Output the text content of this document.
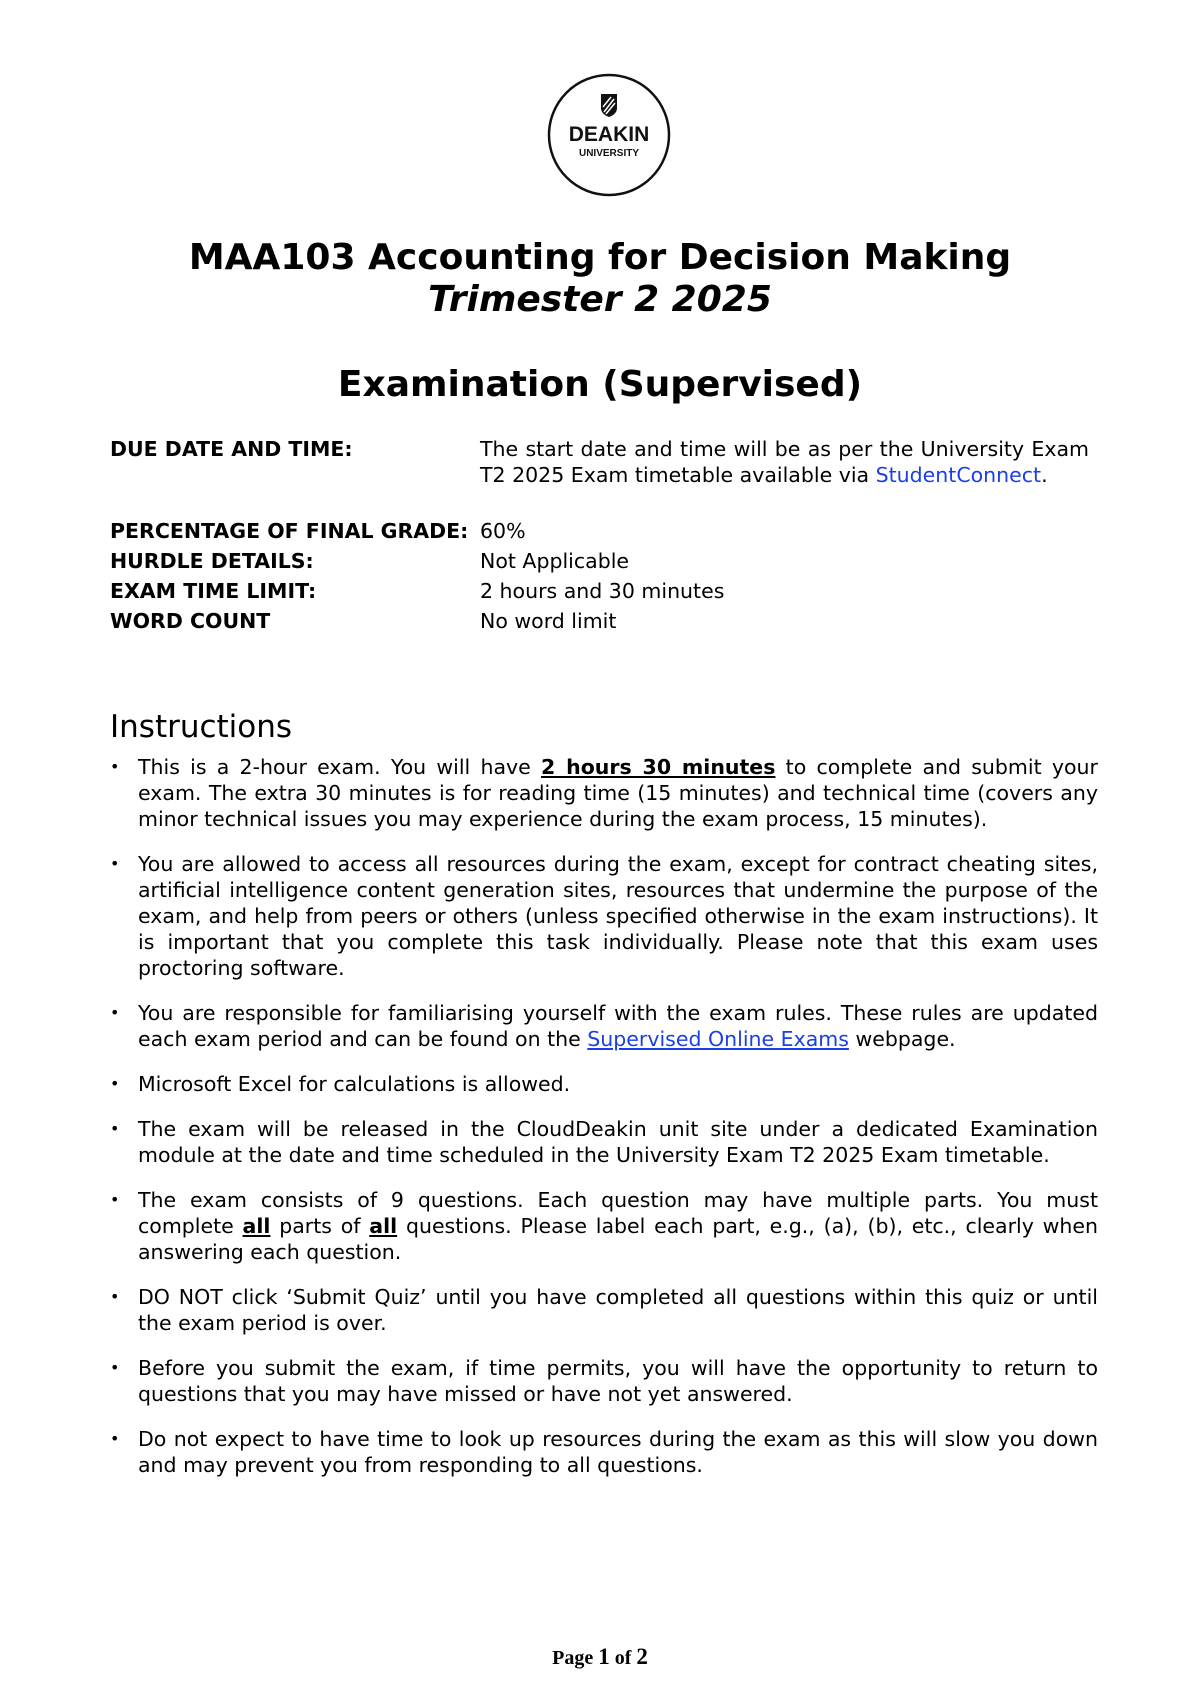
DEAKIN
UNIVERSITY
MAA103 Accounting for Decision Making
Trimester 2 2025
Examination (Supervised)
DUE DATE AND TIME:	The start date and time will be as per the University Exam T2 2025 Exam timetable available via StudentConnect.
PERCENTAGE OF FINAL GRADE: 60%
HURDLE DETAILS:	Not Applicable
EXAM TIME LIMIT:	2 hours and 30 minutes
WORD COUNT	No word limit
Instructions
• This is a 2-hour exam. You will have 2 hours 30 minutes to complete and submit your exam. The extra 30 minutes is for reading time (15 minutes) and technical time (covers any minor technical issues you may experience during the exam process, 15 minutes).
• You are allowed to access all resources during the exam, except for contract cheating sites, artificial intelligence content generation sites, resources that undermine the purpose of the exam, and help from peers or others (unless specified otherwise in the exam instructions). It is important that you complete this task individually. Please note that this exam uses proctoring software.
• You are responsible for familiarising yourself with the exam rules. These rules are updated each exam period and can be found on the Supervised Online Exams webpage.
• Microsoft Excel for calculations is allowed.
• The exam will be released in the CloudDeakin unit site under a dedicated Examination module at the date and time scheduled in the University Exam T2 2025 Exam timetable.
• The exam consists of 9 questions. Each question may have multiple parts. You must complete all parts of all questions. Please label each part, e.g., (a), (b), etc., clearly when answering each question.
• DO NOT click ‘Submit Quiz’ until you have completed all questions within this quiz or until the exam period is over.
• Before you submit the exam, if time permits, you will have the opportunity to return to questions that you may have missed or have not yet answered.
• Do not expect to have time to look up resources during the exam as this will slow you down and may prevent you from responding to all questions.
Page 1 of 2
